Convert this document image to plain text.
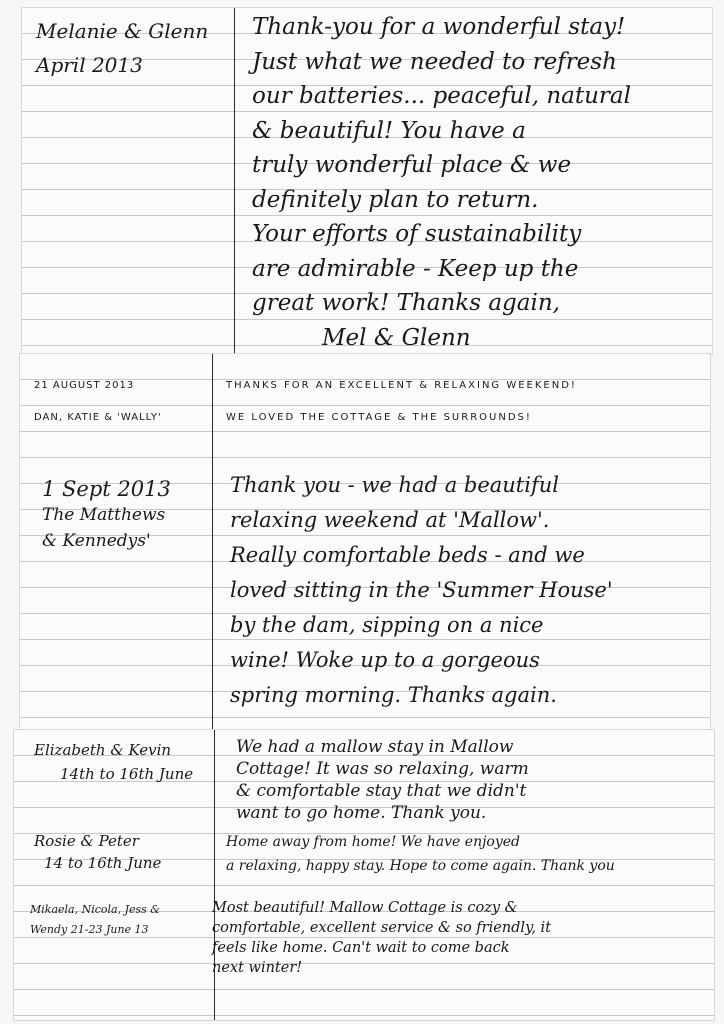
Melanie & Glenn
April 2013
Thank-you for a wonderful stay!
Just what we needed to refresh
our batteries... peaceful, natural
& beautiful! You have a
truly wonderful place & we
definitely plan to return.
Your efforts of sustainability
are admirable - Keep up the
great work! Thanks again,
Mel & Glenn
21 AUGUST 2013
DAN, KATIE & 'WALLY'
THANKS FOR AN EXCELLENT & RELAXING WEEKEND!
WE LOVED THE COTTAGE & THE SURROUNDS!
1 Sept 2013
The Matthews
& Kennedys'
Thank you - we had a beautiful
relaxing weekend at 'Mallow'.
Really comfortable beds - and we
loved sitting in the 'Summer House'
by the dam, sipping on a nice
wine! Woke up to a gorgeous
spring morning. Thanks again.
Elizabeth & Kevin
14th to 16th June
We had a mallow stay in Mallow
Cottage! It was so relaxing, warm
& comfortable stay that we didn't
want to go home. Thank you.
Rosie & Peter
14 to 16th June
Home away from home! We have enjoyed
a relaxing, happy stay. Hope to come again. Thank you
Mikaela, Nicola, Jess &
Wendy 21-23 June 13
Most beautiful! Mallow Cottage is cozy &
comfortable, excellent service & so friendly, it
feels like home. Can't wait to come back
next winter!
